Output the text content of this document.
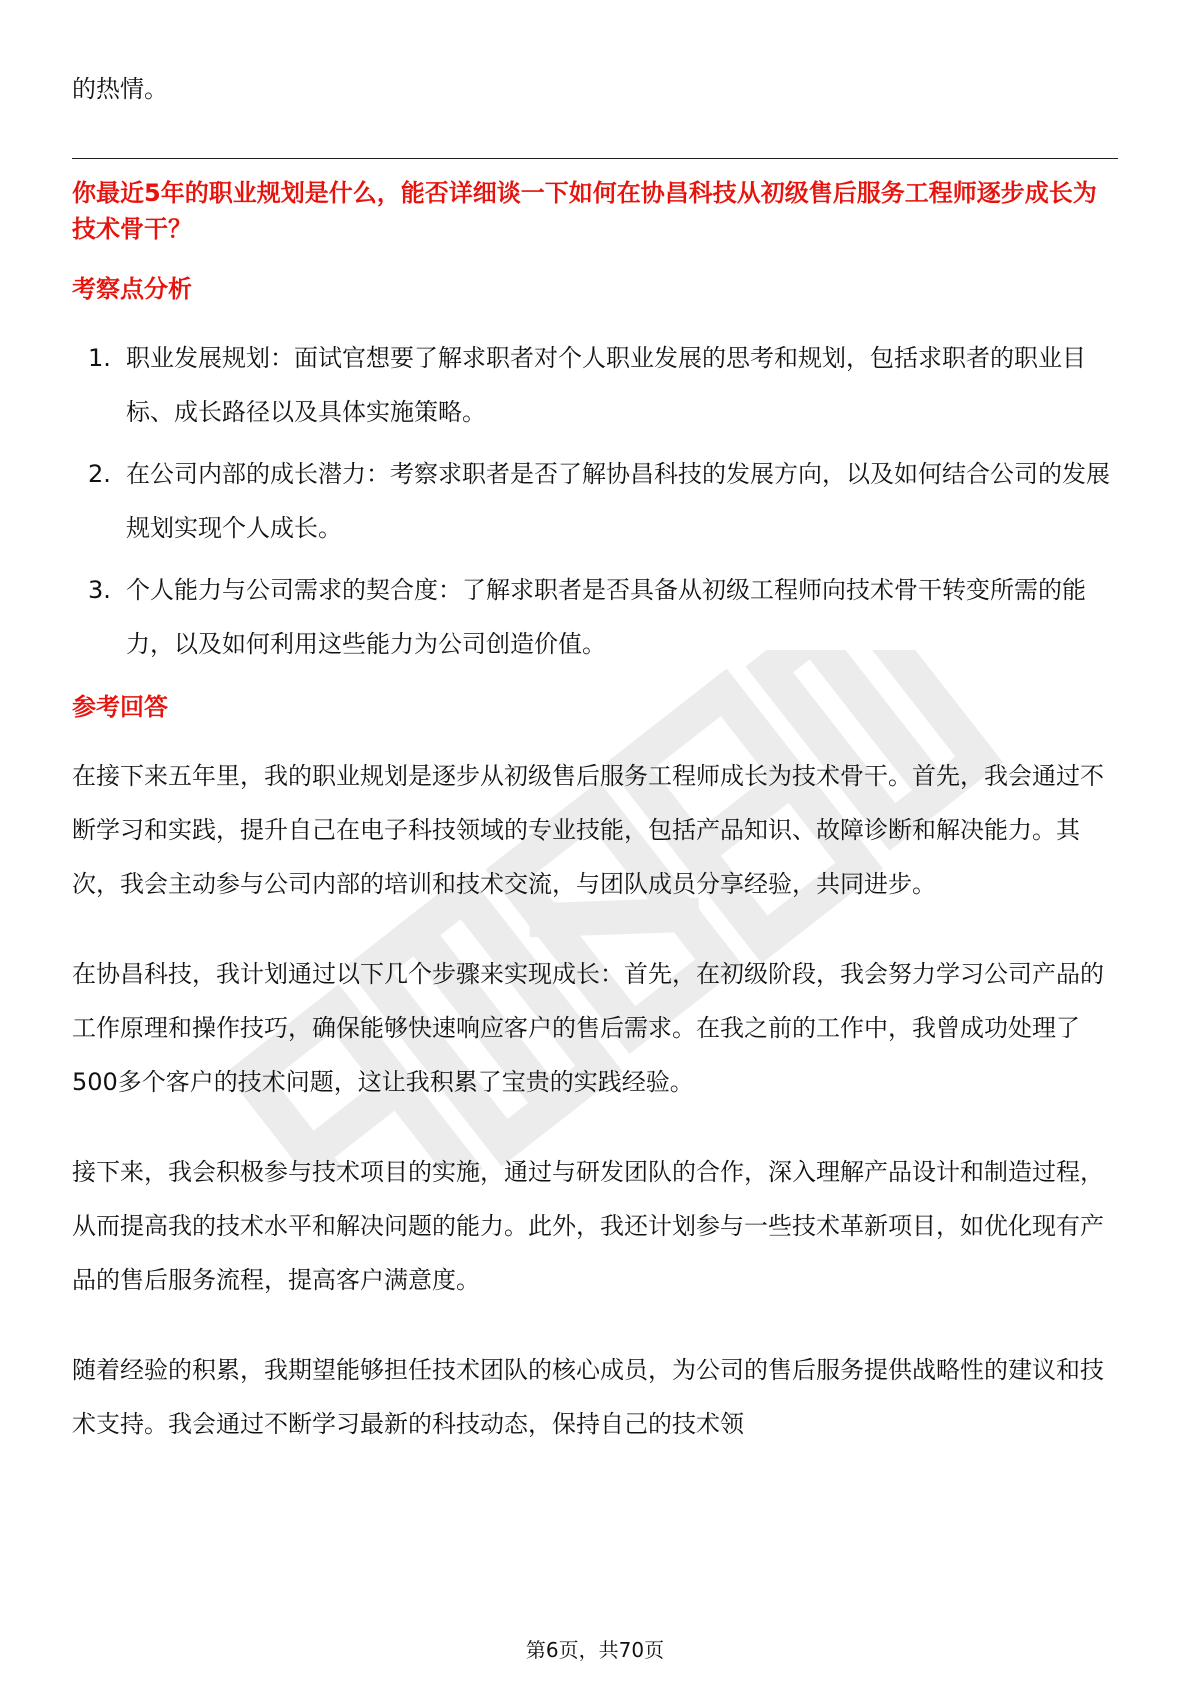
的热情。

你最近5年的职业规划是什么，能否详细谈一下如何在协昌科技从初级售后服务工程师逐步成长为技术骨干？

考察点分析

1. 职业发展规划：面试官想要了解求职者对个人职业发展的思考和规划，包括求职者的职业目标、成长路径以及具体实施策略。
2. 在公司内部的成长潜力：考察求职者是否了解协昌科技的发展方向，以及如何结合公司的发展规划实现个人成长。
3. 个人能力与公司需求的契合度：了解求职者是否具备从初级工程师向技术骨干转变所需的能力，以及如何利用这些能力为公司创造价值。

参考回答

在接下来五年里，我的职业规划是逐步从初级售后服务工程师成长为技术骨干。首先，我会通过不断学习和实践，提升自己在电子科技领域的专业技能，包括产品知识、故障诊断和解决能力。其次，我会主动参与公司内部的培训和技术交流，与团队成员分享经验，共同进步。

在协昌科技，我计划通过以下几个步骤来实现成长：首先，在初级阶段，我会努力学习公司产品的工作原理和操作技巧，确保能够快速响应客户的售后需求。在我之前的工作中，我曾成功处理了500多个客户的技术问题，这让我积累了宝贵的实践经验。

接下来，我会积极参与技术项目的实施，通过与研发团队的合作，深入理解产品设计和制造过程，从而提高我的技术水平和解决问题的能力。此外，我还计划参与一些技术革新项目，如优化现有产品的售后服务流程，提高客户满意度。

随着经验的积累，我期望能够担任技术团队的核心成员，为公司的售后服务提供战略性的建议和技术支持。我会通过不断学习最新的科技动态，保持自己的技术领

第6页，共70页
